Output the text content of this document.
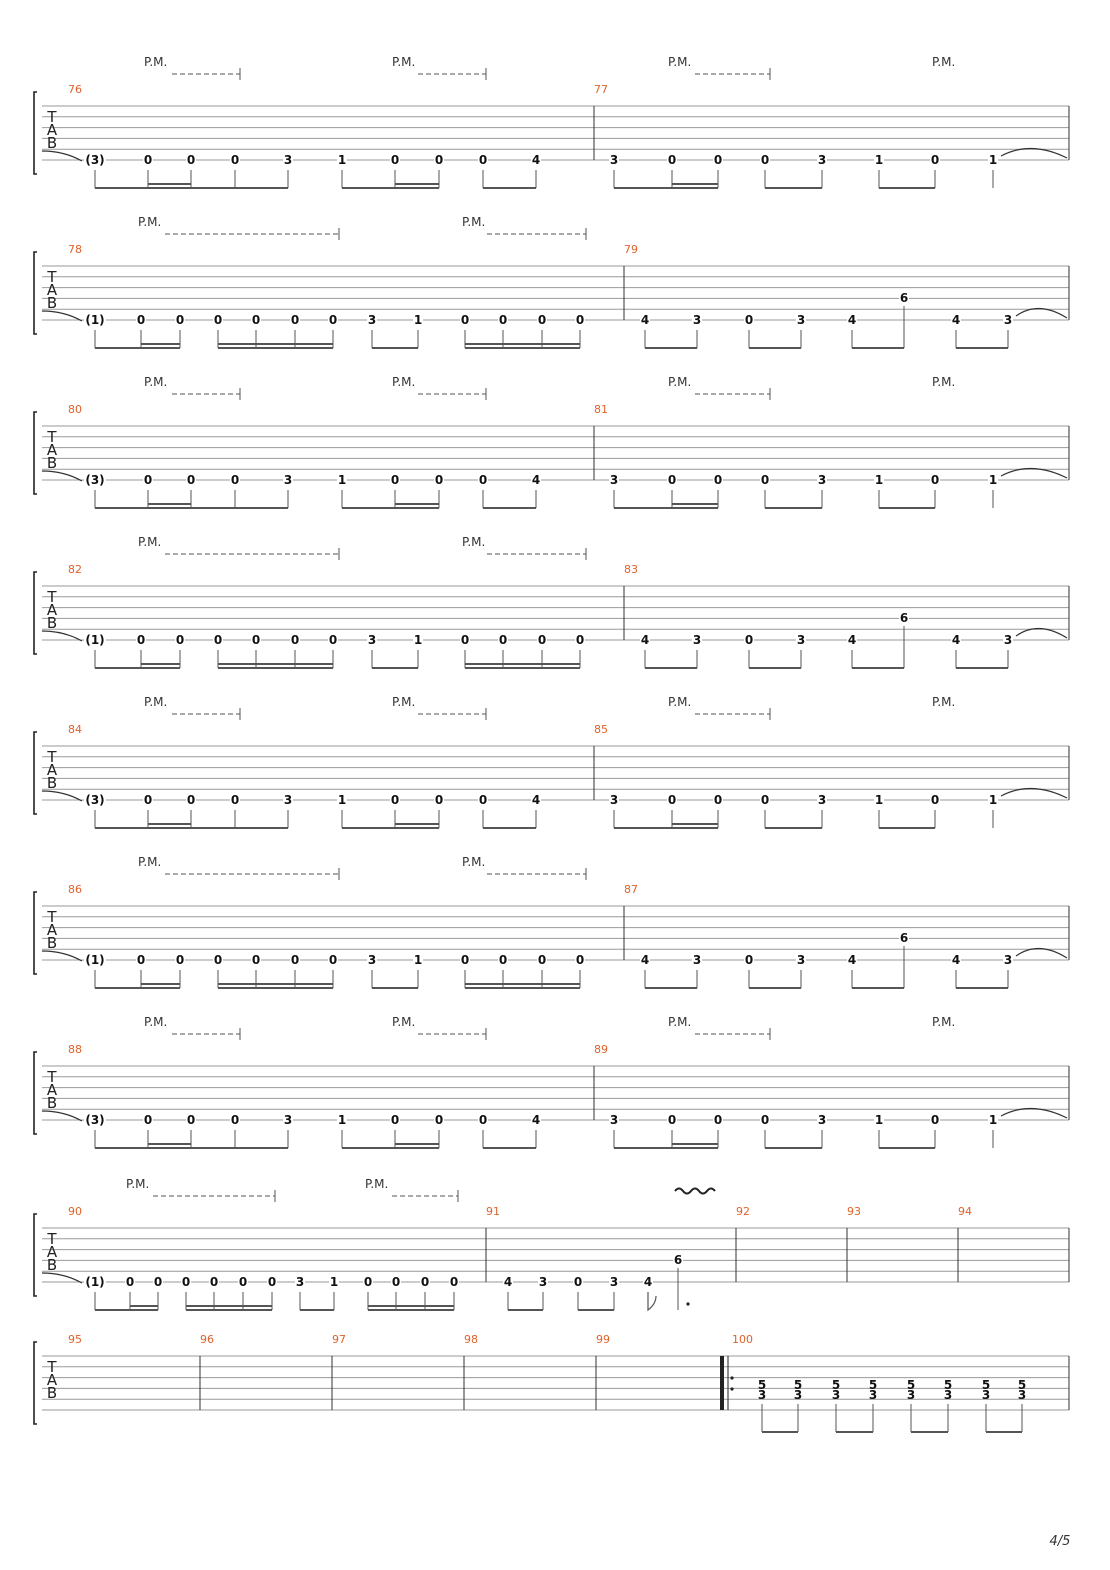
T
A
B
76	77
P.M.	P.M.	P.M.	P.M.
(3)	0	0	0	3	1	0	0	0	4	3	0	0	0	3	1	0	1
T
A
B
78	79
P.M.	P.M.
(1)	0	0 0 0	0 0	3	1	0 0	0 0	4	3	0	3	4
6
4	3
T
A
B
80	81
P.M.	P.M.	P.M.	P.M.
(3)	0	0	0	3	1	0	0	0	4	3	0	0	0	3	1	0	1
T
A
B
82	83
P.M.	P.M.
(1)	0	0 0 0	0 0	3	1	0 0	0 0	4	3	0	3	4
6
4	3
T
A
B
84	85
P.M.	P.M.	P.M.	P.M.
(3)	0	0	0	3	1	0	0	0	4	3	0	0	0	3	1	0	1
T
A
B
86	87
P.M.	P.M.
(1)	0	0 0 0	0 0	3	1	0 0	0 0	4	3	0	3	4
6
4	3
T
A
B
88	89
P.M.	P.M.	P.M.	P.M.
(3)	0	0	0	3	1	0	0	0	4	3	0	0	0	3	1	0	1
T
A
B
90	91	92	93	94
P.M.	P.M.
(1) 0 0 0 0 0 0 3 1 0 0 0 0	4 3 0 3 4
6
T
A
B
95	96	97	98	99	100
5
3
5
3
5
3
5
3
5
3
5
3
5
3
5
3
4/5
